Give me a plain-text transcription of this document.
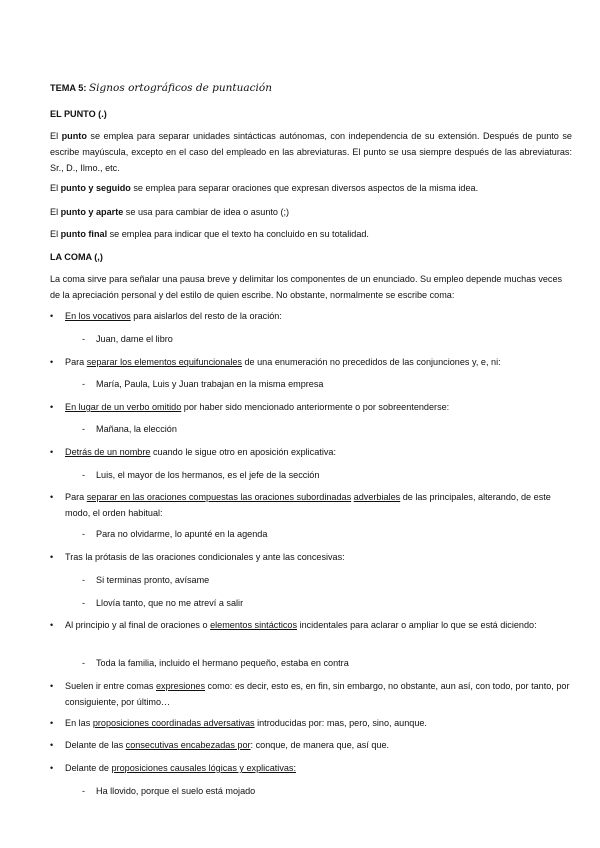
TEMA 5: Signos ortográficos de puntuación
EL PUNTO (.)
El punto se emplea para separar unidades sintácticas autónomas, con independencia de su extensión. Después de punto se escribe mayúscula, excepto en el caso del empleado en las abreviaturas. El punto se usa siempre después de las abreviaturas: Sr., D., Ilmo., etc.
El punto y seguido se emplea para separar oraciones que expresan diversos aspectos de la misma idea.
El punto y aparte se usa para cambiar de idea o asunto (;)
El punto final se emplea para indicar que el texto ha concluido en su totalidad.
LA COMA (,)
La coma sirve para señalar una pausa breve y delimitar los componentes de un enunciado. Su empleo depende muchas veces de la apreciación personal y del estilo de quien escribe. No obstante, normalmente se escribe coma:
•	En los vocativos para aislarlos del resto de la oración:
- Juan, dame el libro
•	Para separar los elementos equifuncionales de una enumeración no precedidos de las conjunciones y, e, ni:
- María, Paula, Luis y Juan trabajan en la misma empresa
•	En lugar de un verbo omitido por haber sido mencionado anteriormente o por sobreentenderse:
- Mañana, la elección
•	Detrás de un nombre cuando le sigue otro en aposición explicativa:
- Luis, el mayor de los hermanos, es el jefe de la sección
•	Para separar en las oraciones compuestas las oraciones subordinadas adverbiales de las principales, alterando, de este modo, el orden habitual:
- Para no olvidarme, lo apunté en la agenda
•	Tras la prótasis de las oraciones condicionales y ante las concesivas:
- Si terminas pronto, avísame
- Llovía tanto, que no me atreví a salir
•	Al principio y al final de oraciones o elementos sintácticos incidentales para aclarar o ampliar lo que se está diciendo:
- Toda la familia, incluido el hermano pequeño, estaba en contra
•	Suelen ir entre comas expresiones como: es decir, esto es, en fin, sin embargo, no obstante, aun así, con todo, por tanto, por consiguiente, por último…
•	En las proposiciones coordinadas adversativas introducidas por: mas, pero, sino, aunque.
•	Delante de las consecutivas encabezadas por: conque, de manera que, así que.
•	Delante de proposiciones causales lógicas y explicativas:
- Ha llovido, porque el suelo está mojado
